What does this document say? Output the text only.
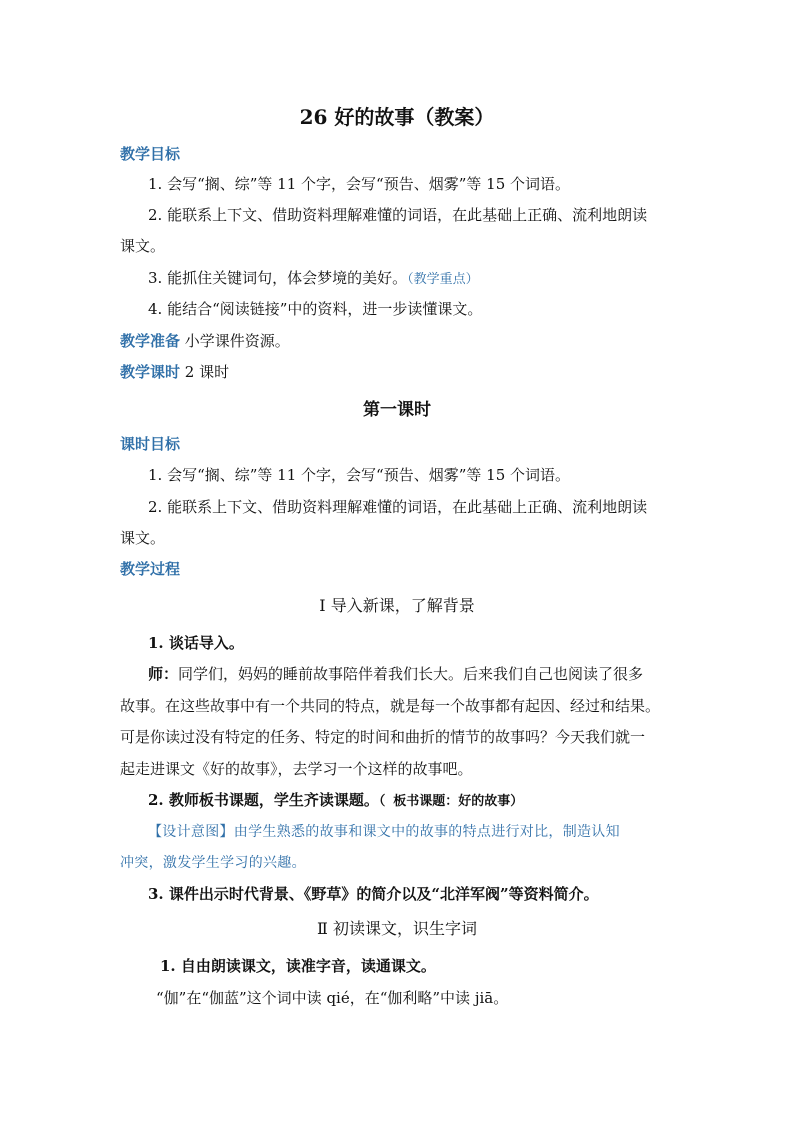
26 好的故事（教案）
教学目标
1. 会写“搁、综”等 11 个字，会写“预告、烟雾”等 15 个词语。
2. 能联系上下文、借助资料理解难懂的词语，在此基础上正确、流利地朗读
课文。
3. 能抓住关键词句，体会梦境的美好。（教学重点）
4. 能结合“阅读链接”中的资料，进一步读懂课文。
教学准备 小学课件资源。
教学课时 2 课时
第一课时
课时目标
1. 会写“搁、综”等 11 个字，会写“预告、烟雾”等 15 个词语。
2. 能联系上下文、借助资料理解难懂的词语，在此基础上正确、流利地朗读
课文。
教学过程
Ⅰ 导入新课，了解背景
1. 谈话导入。
师：同学们，妈妈的睡前故事陪伴着我们长大。后来我们自己也阅读了很多
故事。在这些故事中有一个共同的特点，就是每一个故事都有起因、经过和结果。
可是你读过没有特定的任务、特定的时间和曲折的情节的故事吗？今天我们就一
起走进课文《好的故事》，去学习一个这样的故事吧。
2. 教师板书课题，学生齐读课题。（ 板书课题：好的故事）
【设计意图】由学生熟悉的故事和课文中的故事的特点进行对比，制造认知
冲突，激发学生学习的兴趣。
3. 课件出示时代背景、《野草》的简介以及“北洋军阀”等资料简介。
Ⅱ 初读课文，识生字词
1. 自由朗读课文，读准字音，读通课文。
“伽”在“伽蓝”这个词中读 qié，在“伽利略”中读 jiā。
